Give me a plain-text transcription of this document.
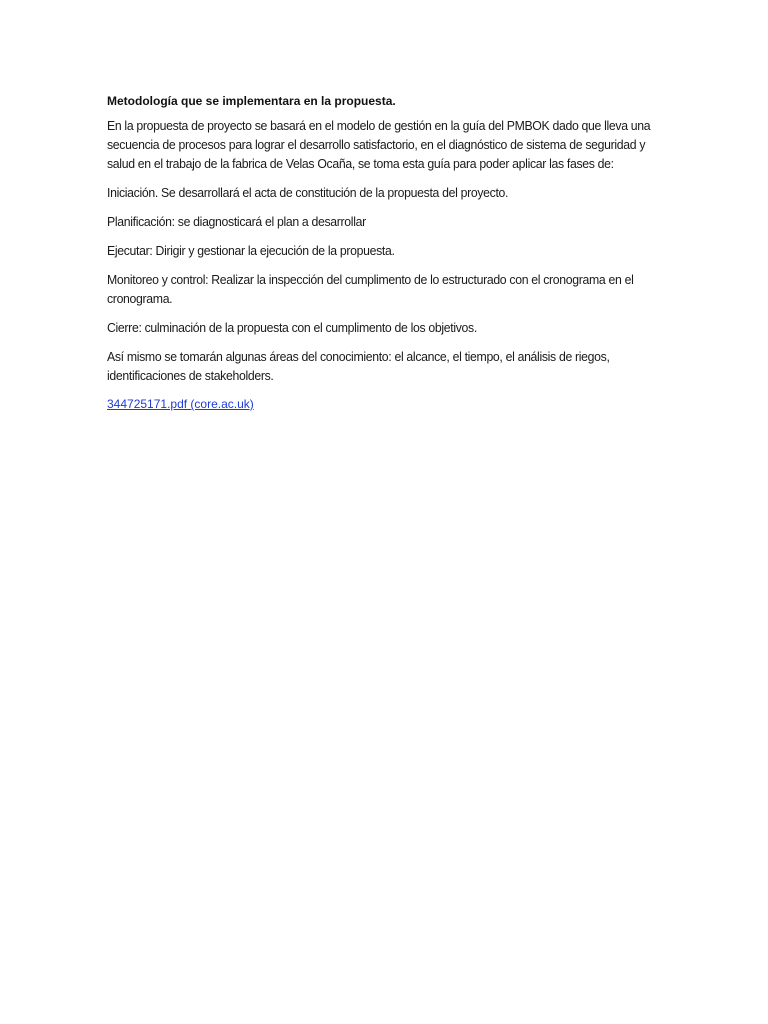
Metodología que se implementara en la propuesta.
En la propuesta de proyecto se basará en el modelo de gestión en la guía del PMBOK dado que lleva una secuencia de procesos para lograr el desarrollo satisfactorio, en el diagnóstico de sistema de seguridad y salud en el trabajo de la fabrica de Velas Ocaña, se toma esta guía para poder aplicar las fases de:
Iniciación. Se desarrollará el acta de constitución de la propuesta del proyecto.
Planificación: se diagnosticará el plan a desarrollar
Ejecutar: Dirigir y gestionar la ejecución de la propuesta.
Monitoreo y control: Realizar la inspección del cumplimento de lo estructurado con el cronograma en el cronograma.
Cierre: culminación de la propuesta con el cumplimento de los objetivos.
Así mismo se tomarán algunas áreas del conocimiento: el alcance, el tiempo, el análisis de riegos, identificaciones de stakeholders.
344725171.pdf (core.ac.uk)
